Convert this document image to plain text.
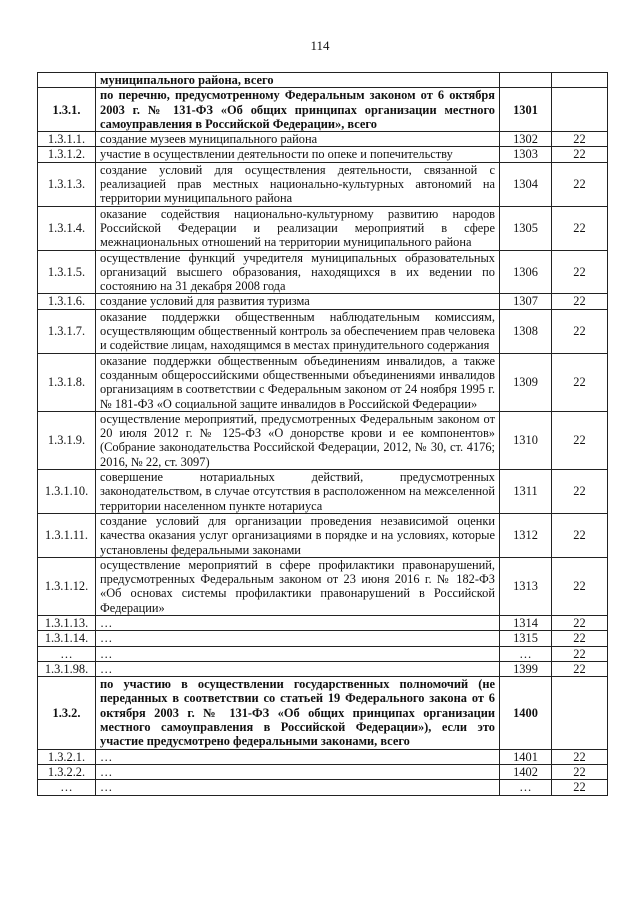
114
	муниципального района, всего		
1.3.1.	по перечню, предусмотренному Федеральным законом от 6 октября 2003 г. № 131-ФЗ «Об общих принципах организации местного самоуправления в Российской Федерации», всего	1301	
1.3.1.1.	создание музеев муниципального района	1302	22
1.3.1.2.	участие в осуществлении деятельности по опеке и попечительству	1303	22
1.3.1.3.	создание условий для осуществления деятельности, связанной с реализацией прав местных национально-культурных автономий на территории муниципального района	1304	22
1.3.1.4.	оказание содействия национально-культурному развитию народов Российской Федерации и реализации мероприятий в сфере межнациональных отношений на территории муниципального района	1305	22
1.3.1.5.	осуществление функций учредителя муниципальных образовательных организаций высшего образования, находящихся в их ведении по состоянию на 31 декабря 2008 года	1306	22
1.3.1.6.	создание условий для развития туризма	1307	22
1.3.1.7.	оказание поддержки общественным наблюдательным комиссиям, осуществляющим общественный контроль за обеспечением прав человека и содействие лицам, находящимся в местах принудительного содержания	1308	22
1.3.1.8.	оказание поддержки общественным объединениям инвалидов, а также созданным общероссийскими общественными объединениями инвалидов организациям в соответствии с Федеральным законом от 24 ноября 1995 г. № 181-ФЗ «О социальной защите инвалидов в Российской Федерации»	1309	22
1.3.1.9.	осуществление мероприятий, предусмотренных Федеральным законом от 20 июля 2012 г. № 125-ФЗ «О донорстве крови и ее компонентов» (Собрание законодательства Российской Федерации, 2012, № 30, ст. 4176; 2016, № 22, ст. 3097)	1310	22
1.3.1.10.	совершение нотариальных действий, предусмотренных законодательством, в случае отсутствия в расположенном на межселенной территории населенном пункте нотариуса	1311	22
1.3.1.11.	создание условий для организации проведения независимой оценки качества оказания услуг организациями в порядке и на условиях, которые установлены федеральными законами	1312	22
1.3.1.12.	осуществление мероприятий в сфере профилактики правонарушений, предусмотренных Федеральным законом от 23 июня 2016 г. № 182-ФЗ «Об основах системы профилактики правонарушений в Российской Федерации»	1313	22
1.3.1.13.	…	1314	22
1.3.1.14.	…	1315	22
…	…	…	22
1.3.1.98.	…	1399	22
1.3.2.	по участию в осуществлении государственных полномочий (не переданных в соответствии со статьей 19 Федерального закона от 6 октября 2003 г. № 131-ФЗ «Об общих принципах организации местного самоуправления в Российской Федерации»), если это участие предусмотрено федеральными законами, всего	1400	
1.3.2.1.	…	1401	22
1.3.2.2.	…	1402	22
…	…	…	22
